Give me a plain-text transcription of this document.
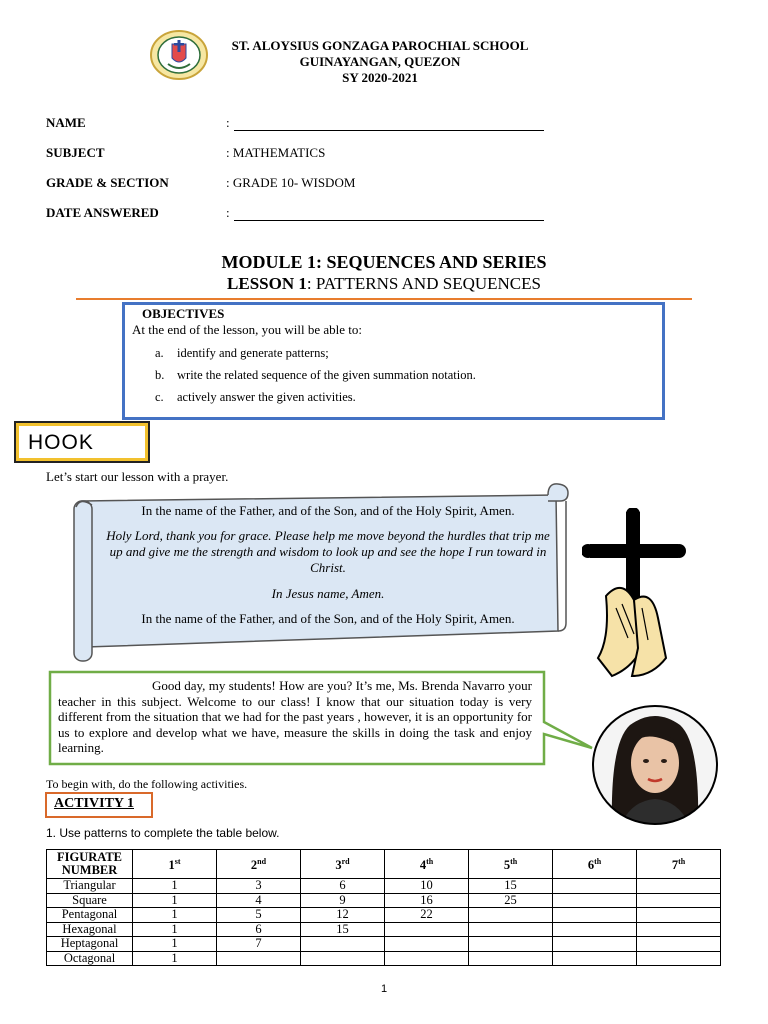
ST. ALOYSIUS GONZAGA PAROCHIAL SCHOOL
GUINAYANGAN, QUEZON
SY 2020-2021
NAME	:
SUBJECT	: MATHEMATICS
GRADE & SECTION	: GRADE 10- WISDOM
DATE ANSWERED	:
MODULE 1: SEQUENCES AND SERIES
LESSON 1: PATTERNS AND SEQUENCES
OBJECTIVES
At the end of the lesson, you will be able to:
a. identify and generate patterns;
b. write the related sequence of the given summation notation.
c. actively answer the given activities.
HOOK
Let’s start our lesson with a prayer.
In the name of the Father, and of the Son, and of the Holy Spirit, Amen.
Holy Lord, thank you for grace. Please help me move beyond the hurdles that trip me up and give me the strength and wisdom to look up and see the hope I run toward in Christ.
In Jesus name, Amen.
In the name of the Father, and of the Son, and of the Holy Spirit, Amen.
Good day, my students! How are you? It’s me, Ms. Brenda Navarro your teacher in this subject. Welcome to our class! I know that our situation today is very different from the situation that we had for the past years , however, it is an opportunity for us to explore and develop what we have, measure the skills in doing the task and enjoy learning.
To begin with, do the following activities.
ACTIVITY 1
1. Use patterns to complete the table below.
FIGURATE NUMBER	1st	2nd	3rd	4th	5th	6th	7th
Triangular	1	3	6	10	15		
Square	1	4	9	16	25		
Pentagonal	1	5	12	22			
Hexagonal	1	6	15				
Heptagonal	1	7					
Octagonal	1						
1
